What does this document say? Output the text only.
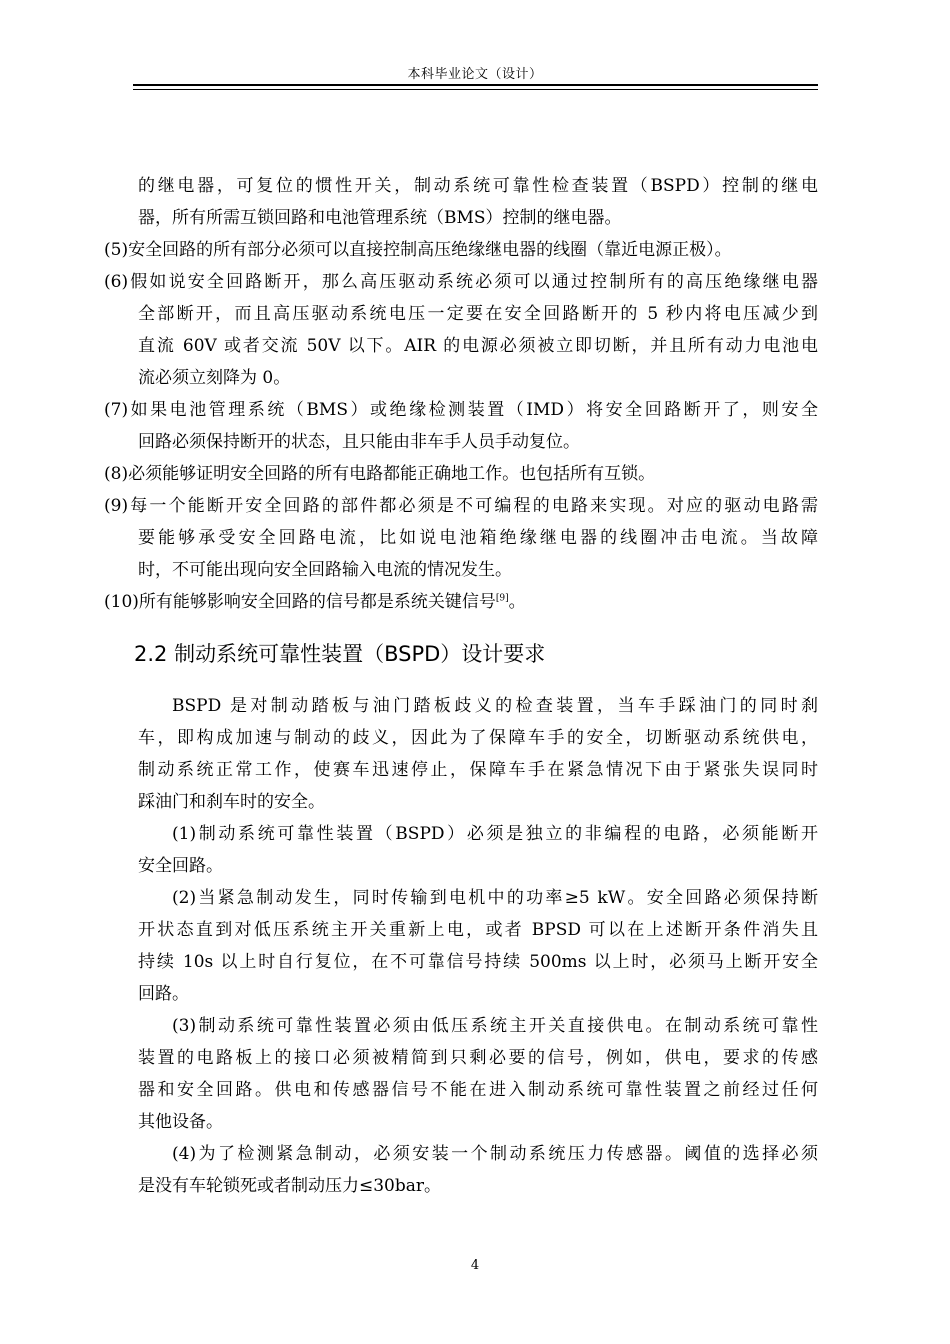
本科毕业论文（设计）
的继电器，可复位的惯性开关，制动系统可靠性检查装置（BSPD）控制的继电
器，所有所需互锁回路和电池管理系统（BMS）控制的继电器。
(5)安全回路的所有部分必须可以直接控制高压绝缘继电器的线圈（靠近电源正极）。
(6)假如说安全回路断开，那么高压驱动系统必须可以通过控制所有的高压绝缘继电器
全部断开，而且高压驱动系统电压一定要在安全回路断开的 5 秒内将电压减少到
直流 60V 或者交流 50V 以下。AIR 的电源必须被立即切断，并且所有动力电池电
流必须立刻降为 0。
(7)如果电池管理系统（BMS）或绝缘检测装置（IMD）将安全回路断开了，则安全
回路必须保持断开的状态，且只能由非车手人员手动复位。
(8)必须能够证明安全回路的所有电路都能正确地工作。也包括所有互锁。
(9)每一个能断开安全回路的部件都必须是不可编程的电路来实现。对应的驱动电路需
要能够承受安全回路电流，比如说电池箱绝缘继电器的线圈冲击电流。当故障
时，不可能出现向安全回路输入电流的情况发生。
(10)所有能够影响安全回路的信号都是系统关键信号[9]。
2.2 制动系统可靠性装置（BSPD）设计要求
BSPD 是对制动踏板与油门踏板歧义的检查装置，当车手踩油门的同时刹
车，即构成加速与制动的歧义，因此为了保障车手的安全，切断驱动系统供电，
制动系统正常工作，使赛车迅速停止，保障车手在紧急情况下由于紧张失误同时
踩油门和刹车时的安全。
(1)制动系统可靠性装置（BSPD）必须是独立的非编程的电路，必须能断开
安全回路。
(2)当紧急制动发生，同时传输到电机中的功率≥5 kW。安全回路必须保持断
开状态直到对低压系统主开关重新上电，或者 BPSD 可以在上述断开条件消失且
持续 10s 以上时自行复位，在不可靠信号持续 500ms 以上时，必须马上断开安全
回路。
(3)制动系统可靠性装置必须由低压系统主开关直接供电。在制动系统可靠性
装置的电路板上的接口必须被精简到只剩必要的信号，例如，供电，要求的传感
器和安全回路。供电和传感器信号不能在进入制动系统可靠性装置之前经过任何
其他设备。
(4)为了检测紧急制动，必须安装一个制动系统压力传感器。阈值的选择必须
是没有车轮锁死或者制动压力≤30bar。
4
